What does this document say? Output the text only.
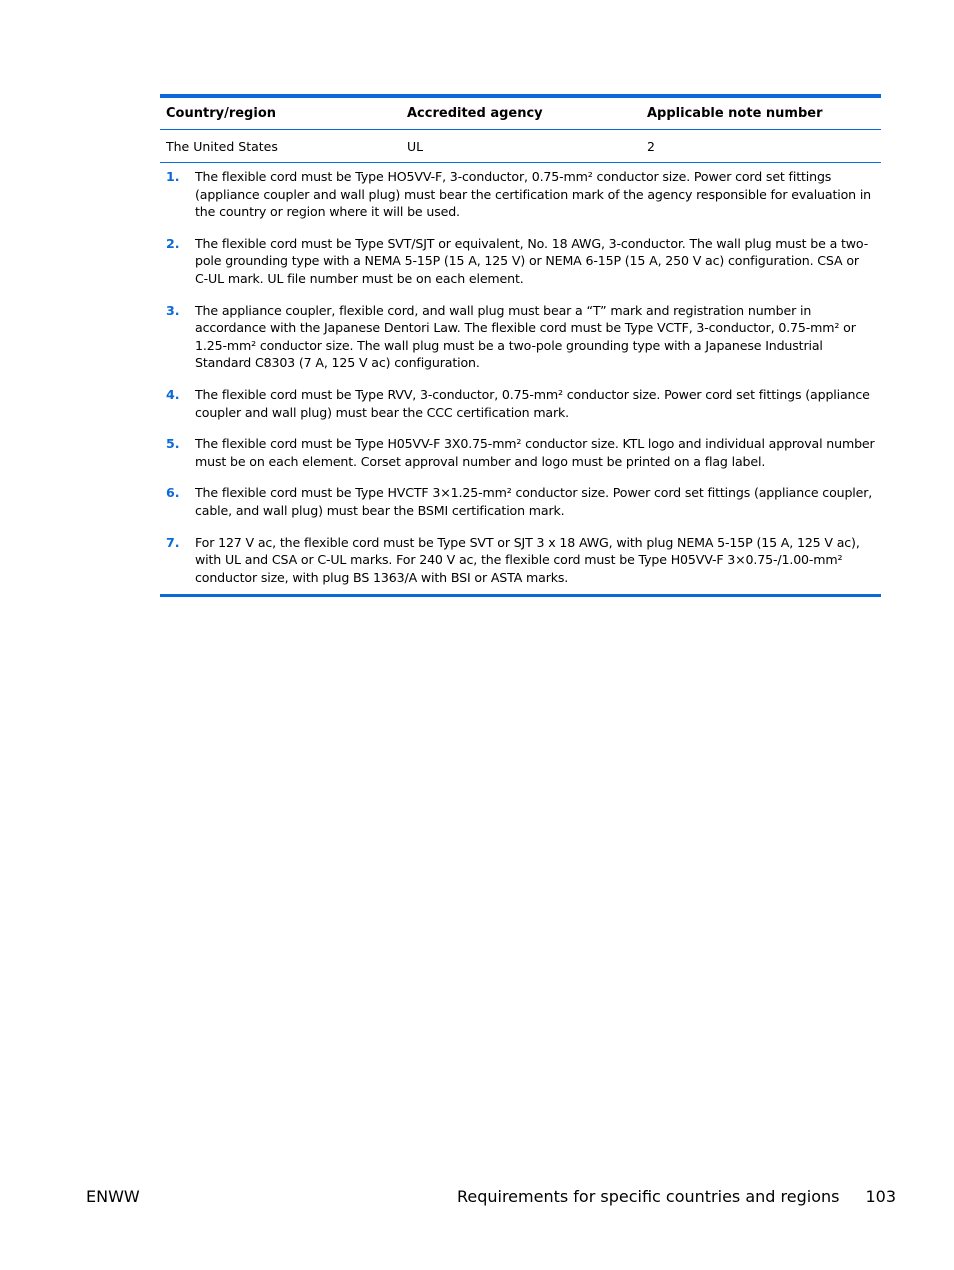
Country/region	Accredited agency	Applicable note number
The United States	UL	2
1.	The flexible cord must be Type HO5VV-F, 3-conductor, 0.75-mm² conductor size. Power cord set fittings (appliance coupler and wall plug) must bear the certification mark of the agency responsible for evaluation in the country or region where it will be used.
2.	The flexible cord must be Type SVT/SJT or equivalent, No. 18 AWG, 3-conductor. The wall plug must be a two-pole grounding type with a NEMA 5-15P (15 A, 125 V) or NEMA 6-15P (15 A, 250 V ac) configuration. CSA or C-UL mark. UL file number must be on each element.
3.	The appliance coupler, flexible cord, and wall plug must bear a “T” mark and registration number in accordance with the Japanese Dentori Law. The flexible cord must be Type VCTF, 3-conductor, 0.75-mm² or 1.25-mm² conductor size. The wall plug must be a two-pole grounding type with a Japanese Industrial Standard C8303 (7 A, 125 V ac) configuration.
4.	The flexible cord must be Type RVV, 3-conductor, 0.75-mm² conductor size. Power cord set fittings (appliance coupler and wall plug) must bear the CCC certification mark.
5.	The flexible cord must be Type H05VV-F 3X0.75-mm² conductor size. KTL logo and individual approval number must be on each element. Corset approval number and logo must be printed on a flag label.
6.	The flexible cord must be Type HVCTF 3×1.25-mm² conductor size. Power cord set fittings (appliance coupler, cable, and wall plug) must bear the BSMI certification mark.
7.	For 127 V ac, the flexible cord must be Type SVT or SJT 3 x 18 AWG, with plug NEMA 5-15P (15 A, 125 V ac), with UL and CSA or C-UL marks. For 240 V ac, the flexible cord must be Type H05VV-F 3×0.75-/1.00-mm² conductor size, with plug BS 1363/A with BSI or ASTA marks.
ENWW	Requirements for specific countries and regions 103
